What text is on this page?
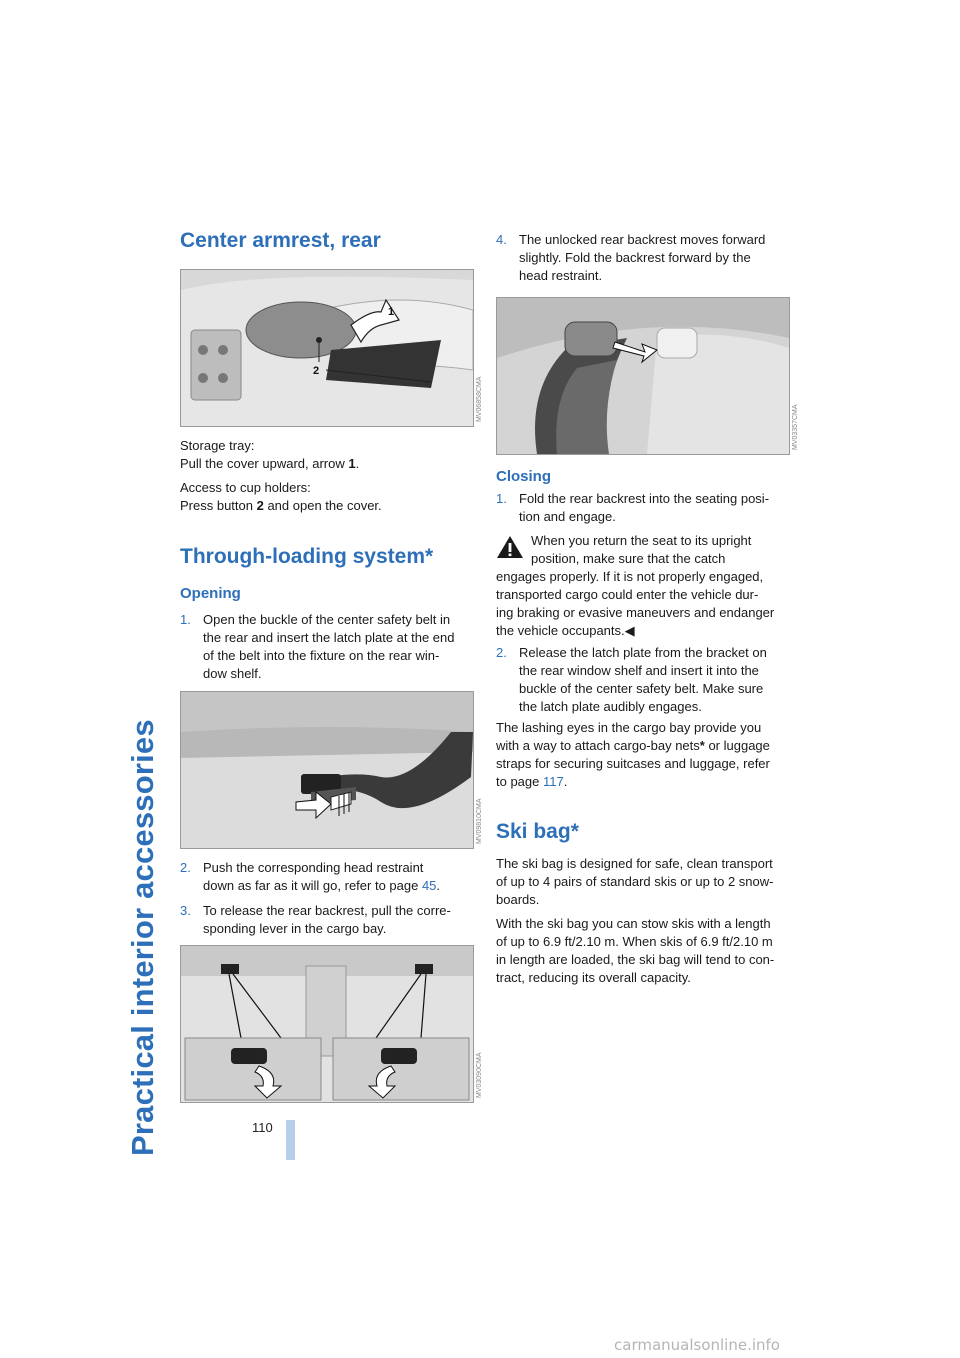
Practical interior accessories	110
Center armrest, rear
1
2
MV06858CMA

Storage tray:

Pull the cover upward, arrow 1.

Access to cup holders:

Press button 2 and open the cover.

Through-loading system*
Opening
1. Open the buckle of the center safety belt in
the rear and insert the latch plate at the end
of the belt into the fixture on the rear win-
dow shelf.
MV09810CMA
2. Push the corresponding head restraint
down as far as it will go, refer to page 45.
3. To release the rear backrest, pull the corre-
sponding lever in the cargo bay.
MV03090CMA
4. The unlocked rear backrest moves forward
slightly. Fold the backrest forward by the
head restraint.
MV03357CMA
Closing
1. Fold the rear backrest into the seating posi-
tion and engage.

When you return the seat to its upright

position, make sure that the catch

engages properly. If it is not properly engaged,

transported cargo could enter the vehicle dur-

ing braking or evasive maneuvers and endanger

the vehicle occupants.◀

2. Release the latch plate from the bracket on
the rear window shelf and insert it into the
buckle of the center safety belt. Make sure
the latch plate audibly engages.

The lashing eyes in the cargo bay provide you

with a way to attach cargo-bay nets* or luggage

straps for securing suitcases and luggage, refer

to page 117.

Ski bag*

The ski bag is designed for safe, clean transport

of up to 4 pairs of standard skis or up to 2 snow-

boards.

With the ski bag you can stow skis with a length

of up to 6.9 ft/2.10 m. When skis of 6.9 ft/2.10 m

in length are loaded, the ski bag will tend to con-

tract, reducing its overall capacity.

carmanualsonline.info
